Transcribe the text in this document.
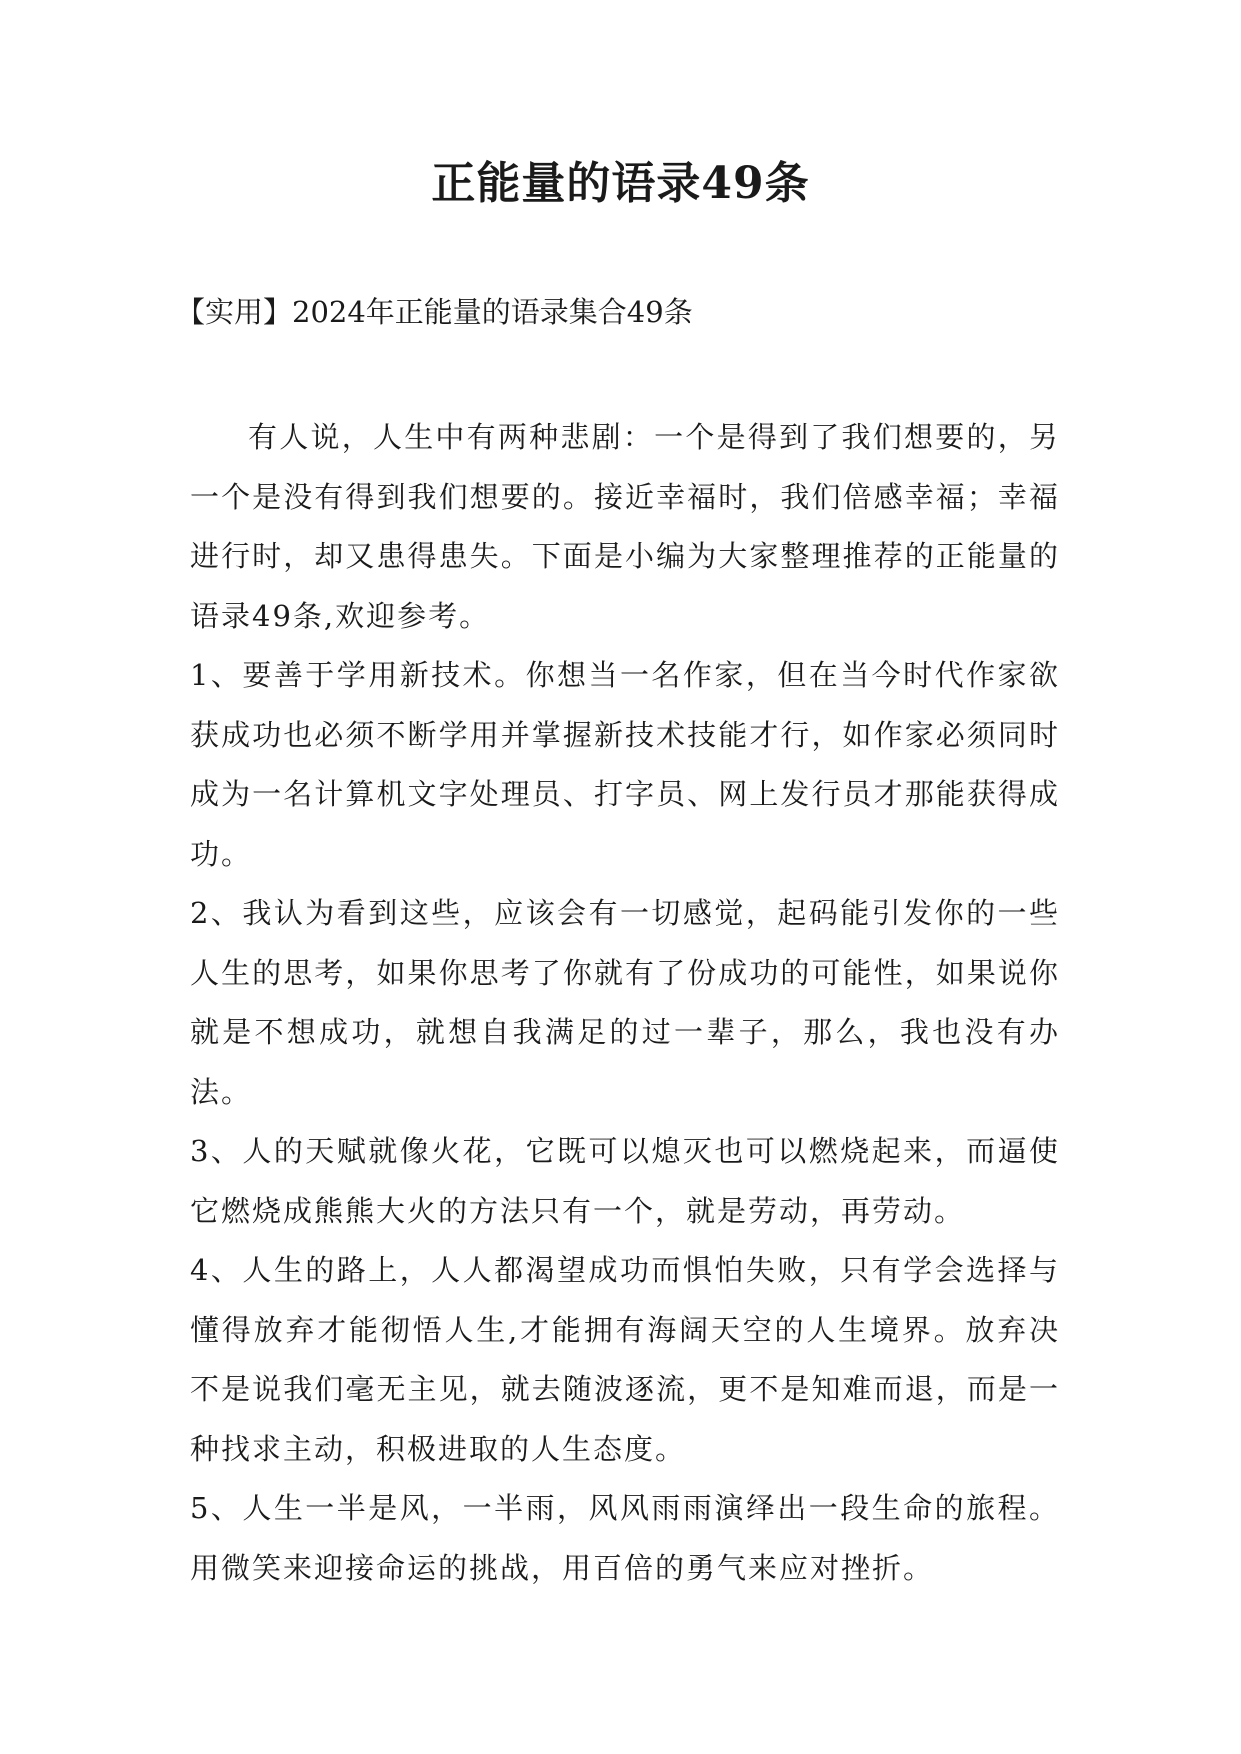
正能量的语录49条

【实用】2024年正能量的语录集合49条

有人说，人生中有两种悲剧：一个是得到了我们想要的，另一个是没有得到我们想要的。接近幸福时，我们倍感幸福；幸福进行时，却又患得患失。下面是小编为大家整理推荐的正能量的语录49条,欢迎参考。

1、要善于学用新技术。你想当一名作家，但在当今时代作家欲获成功也必须不断学用并掌握新技术技能才行，如作家必须同时成为一名计算机文字处理员、打字员、网上发行员才那能获得成功。

2、我认为看到这些，应该会有一切感觉，起码能引发你的一些人生的思考，如果你思考了你就有了份成功的可能性，如果说你就是不想成功，就想自我满足的过一辈子，那么，我也没有办法。

3、人的天赋就像火花，它既可以熄灭也可以燃烧起来，而逼使它燃烧成熊熊大火的方法只有一个，就是劳动，再劳动。

4、人生的路上，人人都渴望成功而惧怕失败，只有学会选择与懂得放弃才能彻悟人生,才能拥有海阔天空的人生境界。放弃决不是说我们毫无主见，就去随波逐流，更不是知难而退，而是一种找求主动，积极进取的人生态度。

5、人生一半是风，一半雨，风风雨雨演绎出一段生命的旅程。用微笑来迎接命运的挑战，用百倍的勇气来应对挫折。
